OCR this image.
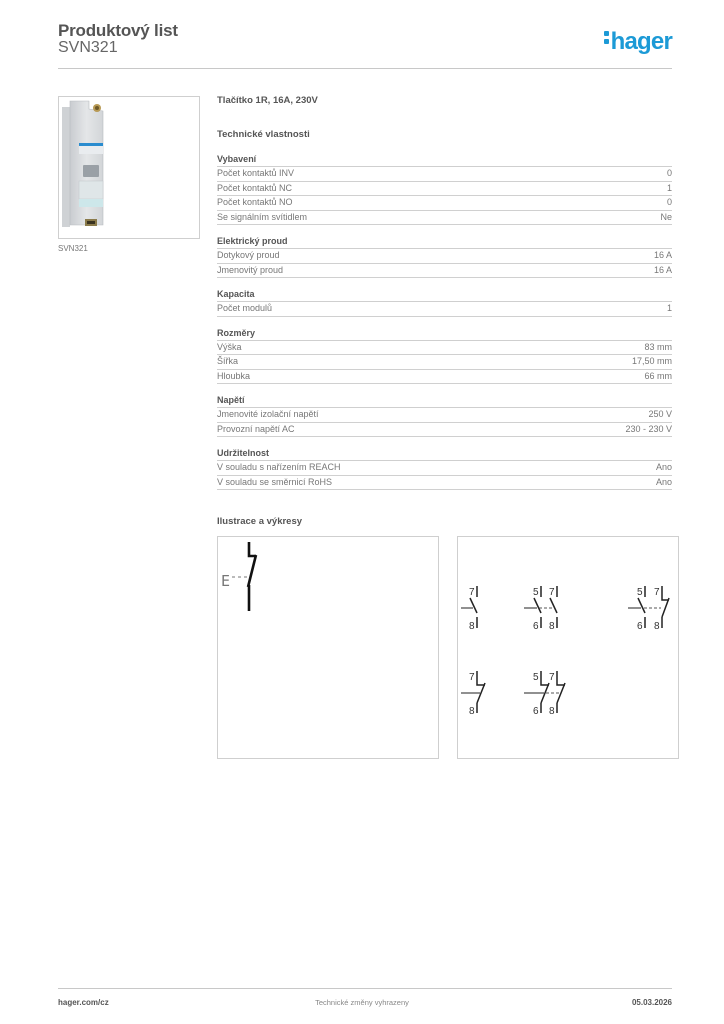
Produktový list
SVN321	hager
SVN321
Tlačítko 1R, 16A, 230V
Technické vlastnosti
Vybavení
Počet kontaktů INV	0
Počet kontaktů NC	1
Počet kontaktů NO	0
Se signálním svítidlem	Ne
Elektrický proud
Dotykový proud	16 A
Jmenovitý proud	16 A
Kapacita
Počet modulů	1
Rozměry
Výška	83 mm
Šířka	17,50 mm
Hloubka	66 mm
Napětí
Jmenovité izolační napětí	250 V
Provozní napětí AC	230 - 230 V
Udržitelnost
V souladu s nařízením REACH	Ano
V souladu se směrnicí RoHS	Ano
Ilustrace a výkresy
E
7
8
5
6
7
8
5
6
7
8
7
8
5
6
7
8
hager.com/cz	Technické změny vyhrazeny	05.03.2026
